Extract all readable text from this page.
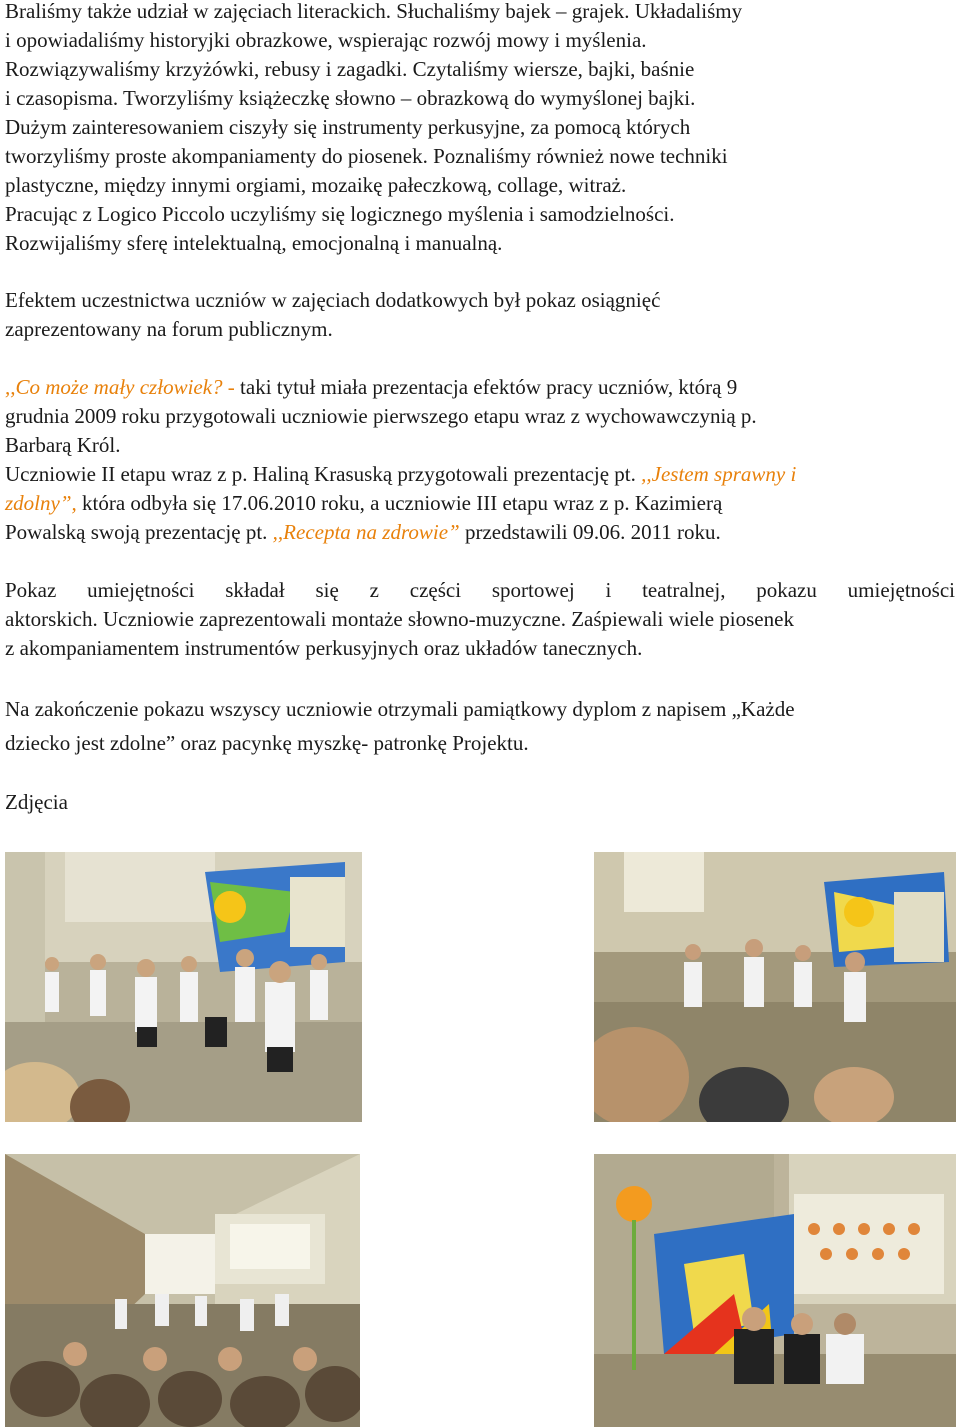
Braliśmy także udział w zajęciach literackich. Słuchaliśmy bajek – grajek. Układaliśmy
i opowiadaliśmy historyjki obrazkowe, wspierając rozwój mowy i myślenia.
Rozwiązywaliśmy krzyżówki, rebusy i zagadki. Czytaliśmy wiersze, bajki, baśnie
i czasopisma. Tworzyliśmy książeczkę słowno – obrazkową do wymyślonej bajki.
Dużym zainteresowaniem ciszyły się instrumenty perkusyjne, za pomocą których
tworzyliśmy proste akompaniamenty do piosenek. Poznaliśmy również nowe techniki
plastyczne, między innymi orgiami, mozaikę pałeczkową, collage, witraż.
Pracując z Logico Piccolo uczyliśmy się logicznego myślenia i samodzielności.
Rozwijaliśmy sferę intelektualną, emocjonalną i manualną.

Efektem uczestnictwa uczniów w zajęciach dodatkowych był pokaz osiągnięć
zaprezentowany na forum publicznym.

,,Co może mały człowiek? - taki tytuł miała prezentacja efektów pracy uczniów, którą 9
grudnia 2009 roku przygotowali uczniowie pierwszego etapu wraz z wychowawczynią p.
Barbarą Król.
Uczniowie II etapu wraz z p. Haliną Krasuską przygotowali prezentację pt. ,,Jestem sprawny i
zdolny”, która odbyła się 17.06.2010 roku, a uczniowie III etapu wraz z p. Kazimierą
Powalską swoją prezentację pt. ,,Recepta na zdrowie” przedstawili 09.06. 2011 roku.

Pokaz umiejętności składał się z części sportowej i teatralnej, pokazu umiejętności
aktorskich. Uczniowie zaprezentowali montaże słowno-muzyczne. Zaśpiewali wiele piosenek
z akompaniamentem instrumentów perkusyjnych oraz układów tanecznych.

Na zakończenie pokazu wszyscy uczniowie otrzymali pamiątkowy dyplom z napisem „Każde
dziecko jest zdolne” oraz pacynkę myszkę- patronkę Projektu.

Zdjęcia
